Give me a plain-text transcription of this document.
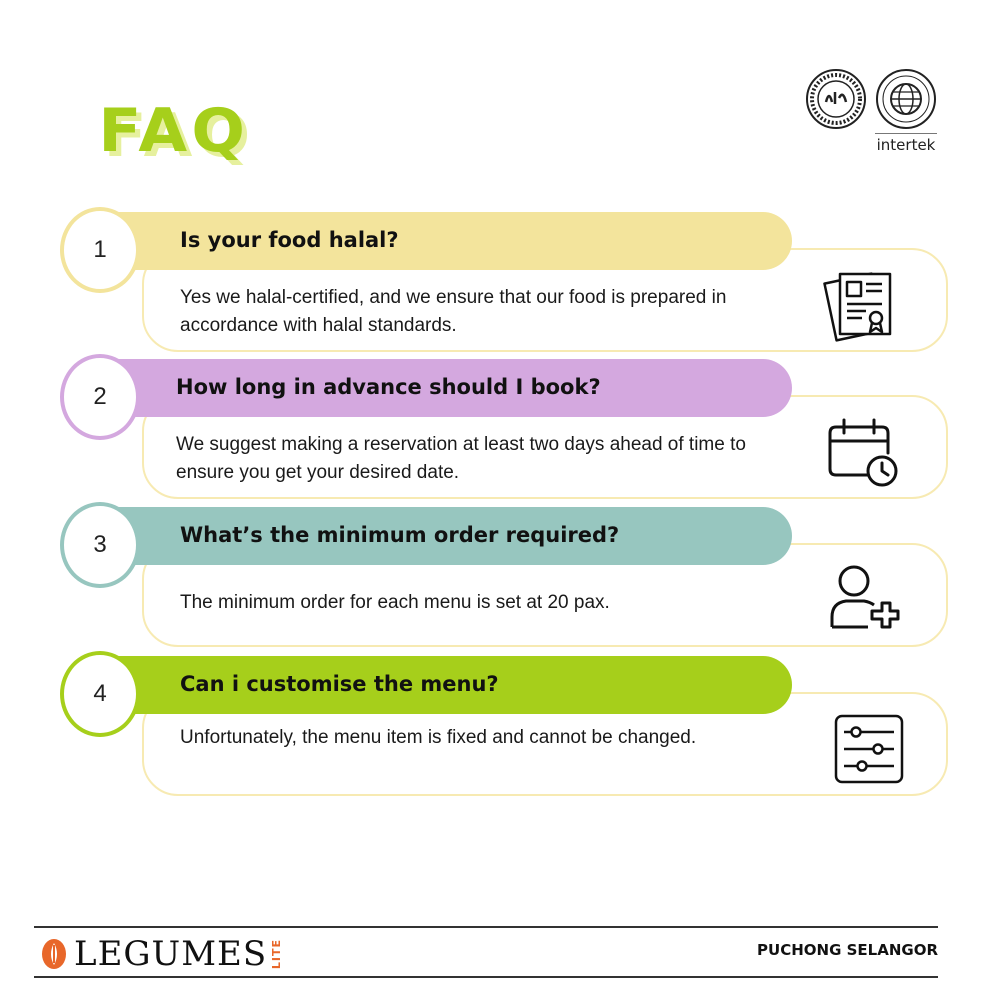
FAQ	intertek
1	Is your food halal?
Yes we halal-certified, and we ensure that our food is prepared in accordance with halal standards.
2	How long in advance should I book?
We suggest making a reservation at least two days ahead of time to ensure you get your desired date.
3	What’s the minimum order required?
The minimum order for each menu is set at 20 pax.
4	Can i customise the menu?
Unfortunately, the menu item is fixed and cannot be changed.
LEGUMES LITE	PUCHONG SELANGOR
